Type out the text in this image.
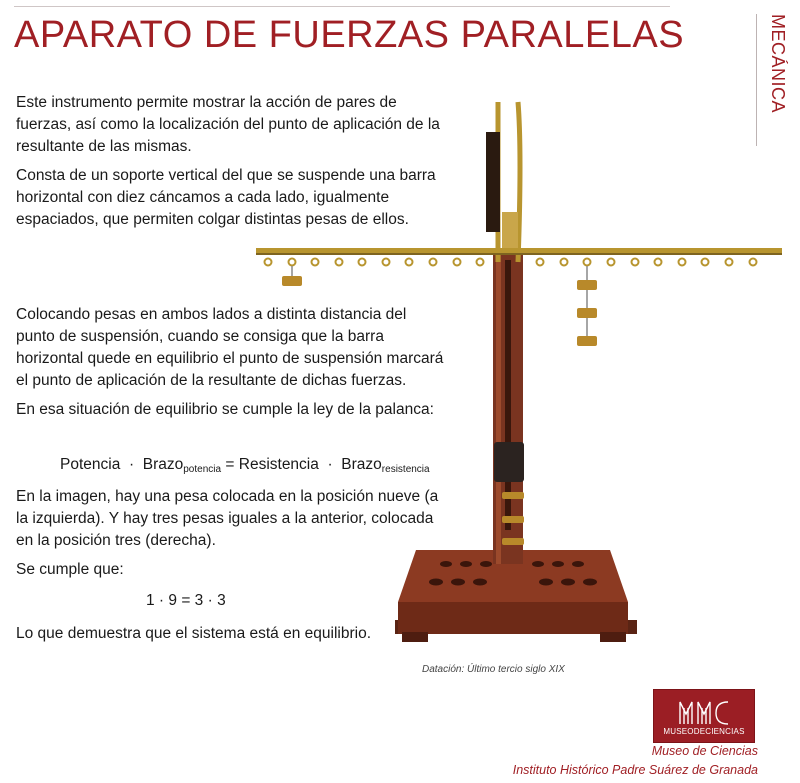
APARATO DE FUERZAS PARALELAS	MECÁNICA

Este instrumento permite mostrar la acción de pares de fuerzas, así como la localización del punto de aplicación de la resultante de las mismas.

Consta de un soporte vertical del que se suspende una barra horizontal con diez cáncamos a cada lado, igualmente espaciados, que permiten colgar distintas pesas de ellos.

Colocando pesas en ambos lados a distinta distancia del punto de suspensión, cuando se consiga que la barra horizontal quede en equilibrio el punto de suspensión marcará el punto de aplicación de la resultante de dichas fuerzas.

En esa situación de equilibrio se cumple la ley de la palanca:

Potencia · Brazo$_{potencia}$ = Resistencia · Brazo$_{resistencia}$

En la imagen, hay una pesa colocada en la posición nueve (a la izquierda). Y hay tres pesas iguales a la anterior, colocada en la posición tres (derecha).

Se cumple que:

1 · 9 = 3 · 3

Lo que demuestra que el sistema está en equilibrio.

Datación: Último tercio siglo XIX
MUSEODECIENCIAS
Museo de Ciencias
Instituto Histórico Padre Suárez de Granada
